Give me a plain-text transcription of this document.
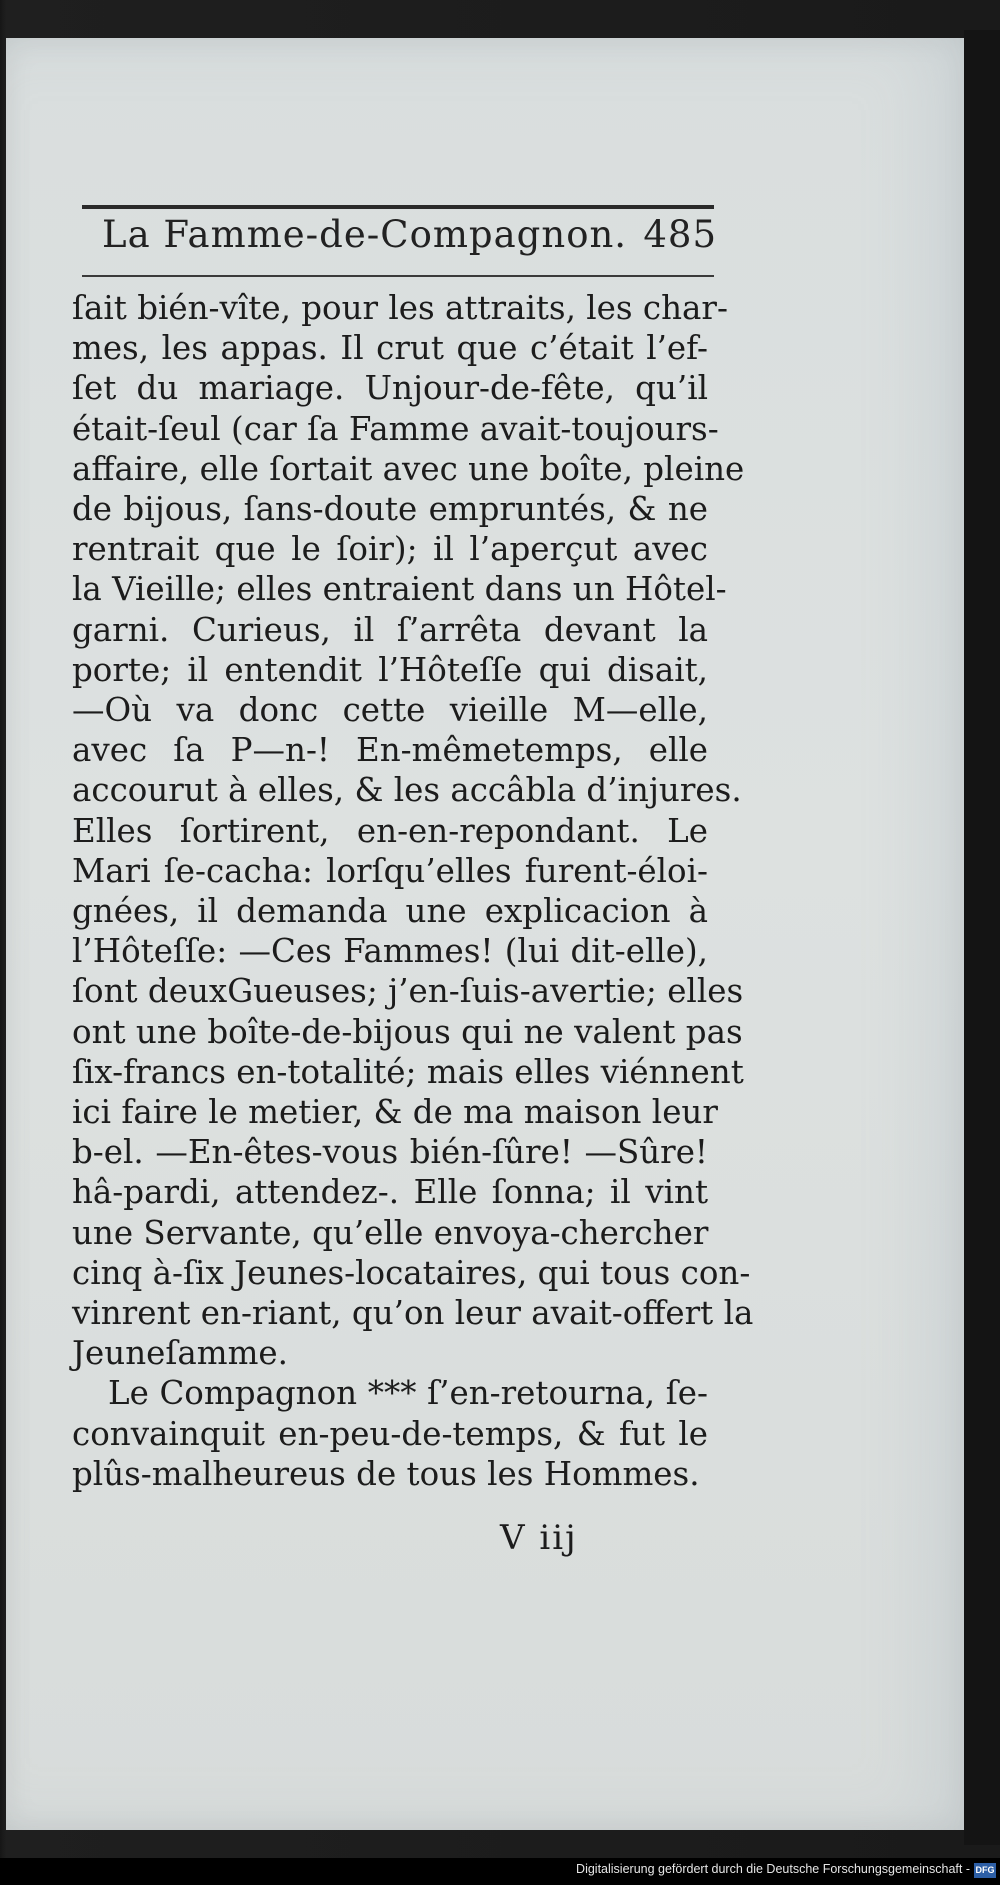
La Famme-de-Compagnon. 485
ſait bién-vîte, pour les attraits, les char-
mes, les appas. Il crut que c’était l’ef-
ſet du mariage. Unjour-de-fête, qu’il
était-ſeul (car ſa Famme avait-toujours-
affaire, elle ſortait avec une boîte, pleine
de bijous, ſans-doute empruntés, & ne
rentrait que le ſoir); il l’aperçut avec
la Vieille; elles entraient dans un Hôtel-
garni. Curieus, il ſ’arrêta devant la
porte; il entendit l’Hôteſſe qui disait,
—Où va donc cette vieille M—elle,
avec ſa P—n-! En-mêmetemps, elle
accourut à elles, & les accâbla d’injures.
Elles ſortirent, en-en-repondant. Le
Mari ſe-cacha: lorſqu’elles furent-éloi-
gnées, il demanda une explicacion à
l’Hôteſſe: —Ces Fammes! (lui dit-elle),
ſont deuxGueuses; j’en-ſuis-avertie; elles
ont une boîte-de-bijous qui ne valent pas
ſix-francs en-totalité; mais elles viénnent
ici faire le metier, & de ma maison leur
b-el. —En-êtes-vous bién-ſûre! —Sûre!
hâ-pardi, attendez-. Elle ſonna; il vint
une Servante, qu’elle envoya-chercher
cinq à-ſix Jeunes-locataires, qui tous con-
vinrent en-riant, qu’on leur avait-offert la
Jeuneſamme.
Le Compagnon *** ſ’en-retourna, ſe-
convainquit en-peu-de-temps, & fut le
plûs-malheureus de tous les Hommes.
V iij
Digitalisierung gefördert durch die Deutsche Forschungsgemeinschaft - DFG
